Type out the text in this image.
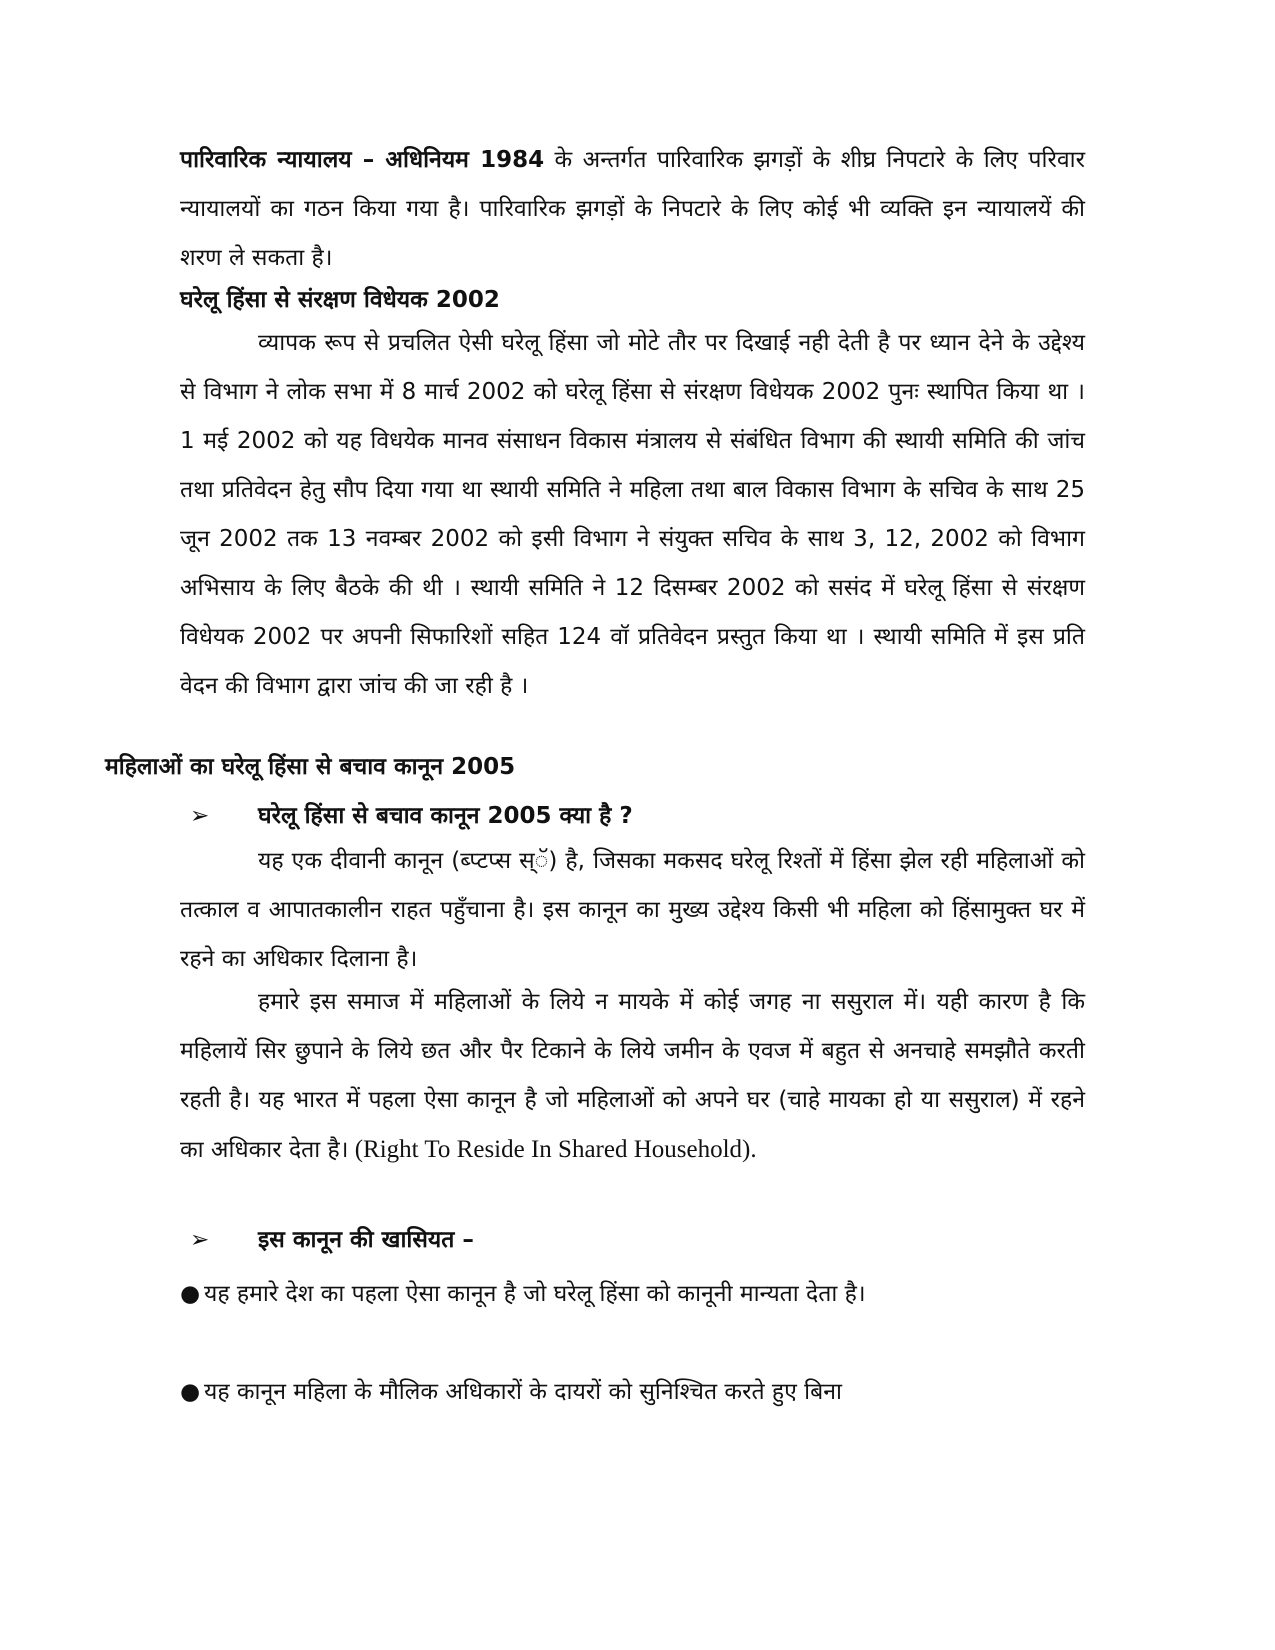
पारिवारिक न्यायालय – अधिनियम 1984 के अन्तर्गत पारिवारिक झगड़ों के शीघ्र निपटारे के लिए परिवार न्यायालयों का गठन किया गया है। पारिवारिक झगड़ों के निपटारे के लिए कोई भी व्यक्ति इन न्यायालयें की शरण ले सकता है।
घरेलू हिंसा से संरक्षण विधेयक 2002
व्यापक रूप से प्रचलित ऐसी घरेलू हिंसा जो मोटे तौर पर दिखाई नही देती है पर ध्यान देने के उद्देश्य से विभाग ने लोक सभा में 8 मार्च 2002 को घरेलू हिंसा से संरक्षण विधेयक 2002 पुनः स्थापित किया था । 1 मई 2002 को यह विधयेक मानव संसाधन विकास मंत्रालय से संबंधित विभाग की स्थायी समिति की जांच तथा प्रतिवेदन हेतु सौप दिया गया था स्थायी समिति ने महिला तथा बाल विकास विभाग के सचिव के साथ 25 जून 2002 तक 13 नवम्बर 2002 को इसी विभाग ने संयुक्त सचिव के साथ 3, 12, 2002 को विभाग अभिसाय के लिए बैठके की थी । स्थायी समिति ने 12 दिसम्बर 2002 को ससंद में घरेलू हिंसा से संरक्षण विधेयक 2002 पर अपनी सिफारिशों सहित 124 वॉ प्रतिवेदन प्रस्तुत किया था । स्थायी समिति में इस प्रति वेदन की विभाग द्वारा जांच की जा रही है ।
महिलाओं का घरेलू हिंसा से बचाव कानून 2005
➢ घरेलू हिंसा से बचाव कानून 2005 क्या है ?
यह एक दीवानी कानून (ब्प्टप्स स्ॅ) है, जिसका मकसद घरेलू रिश्तों में हिंसा झेल रही महिलाओं को तत्काल व आपातकालीन राहत पहुँचाना है। इस कानून का मुख्य उद्देश्य किसी भी महिला को हिंसामुक्त घर में रहने का अधिकार दिलाना है।
हमारे इस समाज में महिलाओं के लिये न मायके में कोई जगह ना ससुराल में। यही कारण है कि महिलायें सिर छुपाने के लिये छत और पैर टिकाने के लिये जमीन के एवज में बहुत से अनचाहे समझौते करती रहती है। यह भारत में पहला ऐसा कानून है जो महिलाओं को अपने घर (चाहे मायका हो या ससुराल) में रहने का अधिकार देता है। (Right To Reside In Shared Household).
➢ इस कानून की खासियत –
● यह हमारे देश का पहला ऐसा कानून है जो घरेलू हिंसा को कानूनी मान्यता देता है।
● यह कानून महिला के मौलिक अधिकारों के दायरों को सुनिश्चित करते हुए बिना
